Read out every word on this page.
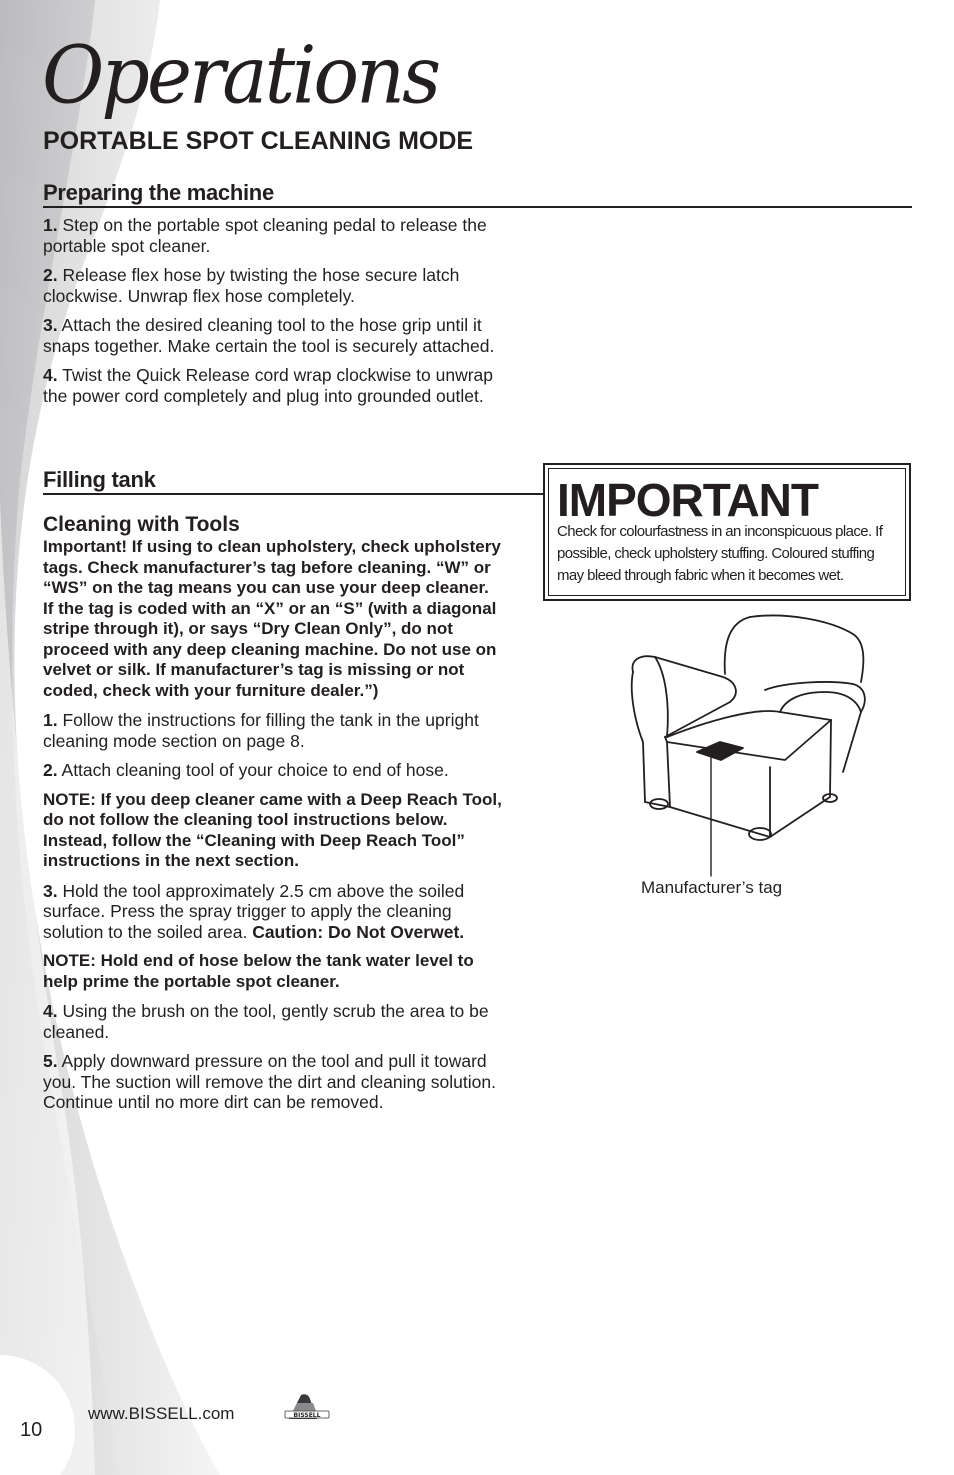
Operations
PORTABLE SPOT CLEANING MODE
Preparing the machine

1. Step on the portable spot cleaning pedal to release the portable spot cleaner.

2. Release flex hose by twisting the hose secure latch clockwise. Unwrap flex hose completely.

3. Attach the desired cleaning tool to the hose grip until it snaps together. Make certain the tool is securely attached.

4. Twist the Quick Release cord wrap clockwise to unwrap the power cord completely and plug into grounded outlet.

Filling tank

Cleaning with Tools

Important! If using to clean upholstery, check upholstery tags. Check manufacturer’s tag before cleaning. “W” or “WS” on the tag means you can use your deep cleaner. If the tag is coded with an “X” or an “S” (with a diagonal stripe through it), or says “Dry Clean Only”, do not proceed with any deep cleaning machine. Do not use on velvet or silk. If manufacturer’s tag is missing or not coded, check with your furniture dealer.”)

1. Follow the instructions for filling the tank in the upright cleaning mode section on page 8.

2. Attach cleaning tool of your choice to end of hose.

NOTE: If you deep cleaner came with a Deep Reach Tool, do not follow the cleaning tool instructions below. Instead, follow the “Cleaning with Deep Reach Tool” instructions in the next section.

3. Hold the tool approximately 2.5 cm above the soiled surface. Press the spray trigger to apply the cleaning solution to the soiled area. Caution: Do Not Overwet.

NOTE: Hold end of hose below the tank water level to help prime the portable spot cleaner.

4. Using the brush on the tool, gently scrub the area to be cleaned.

5. Apply downward pressure on the tool and pull it toward you. The suction will remove the dirt and cleaning solution. Continue until no more dirt can be removed.

IMPORTANT
Check for colourfastness in an inconspicuous place. If possible, check upholstery stuffing. Coloured stuffing may bleed through fabric when it becomes wet.
Manufacturer’s tag
10
www.BISSELL.com	BISSELL
